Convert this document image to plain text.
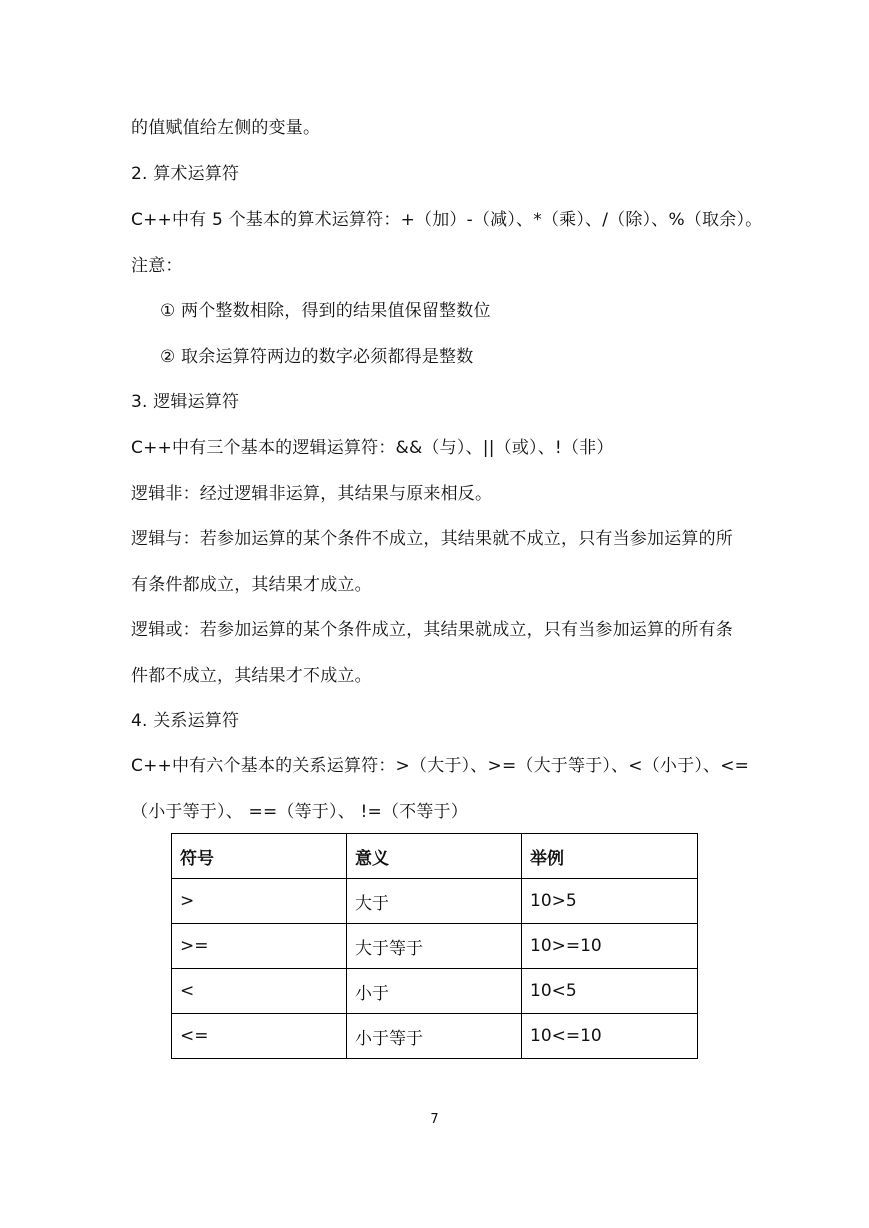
的值赋值给左侧的变量。
2. 算术运算符
C++中有 5 个基本的算术运算符：+（加）-（减）、*（乘）、/（除）、%（取余）。
注意：
① 两个整数相除，得到的结果值保留整数位
② 取余运算符两边的数字必须都得是整数
3. 逻辑运算符
C++中有三个基本的逻辑运算符：&&（与）、||（或）、!（非）
逻辑非：经过逻辑非运算，其结果与原来相反。
逻辑与：若参加运算的某个条件不成立，其结果就不成立，只有当参加运算的所
有条件都成立，其结果才成立。
逻辑或：若参加运算的某个条件成立，其结果就成立，只有当参加运算的所有条
件都不成立，其结果才不成立。
4. 关系运算符
C++中有六个基本的关系运算符：>（大于）、>=（大于等于）、<（小于）、<=
（小于等于）、 ==（等于）、 !=（不等于）
符号	意义	举例
>	大于	10>5
>=	大于等于	10>=10
<	小于	10<5
<=	小于等于	10<=10
7
